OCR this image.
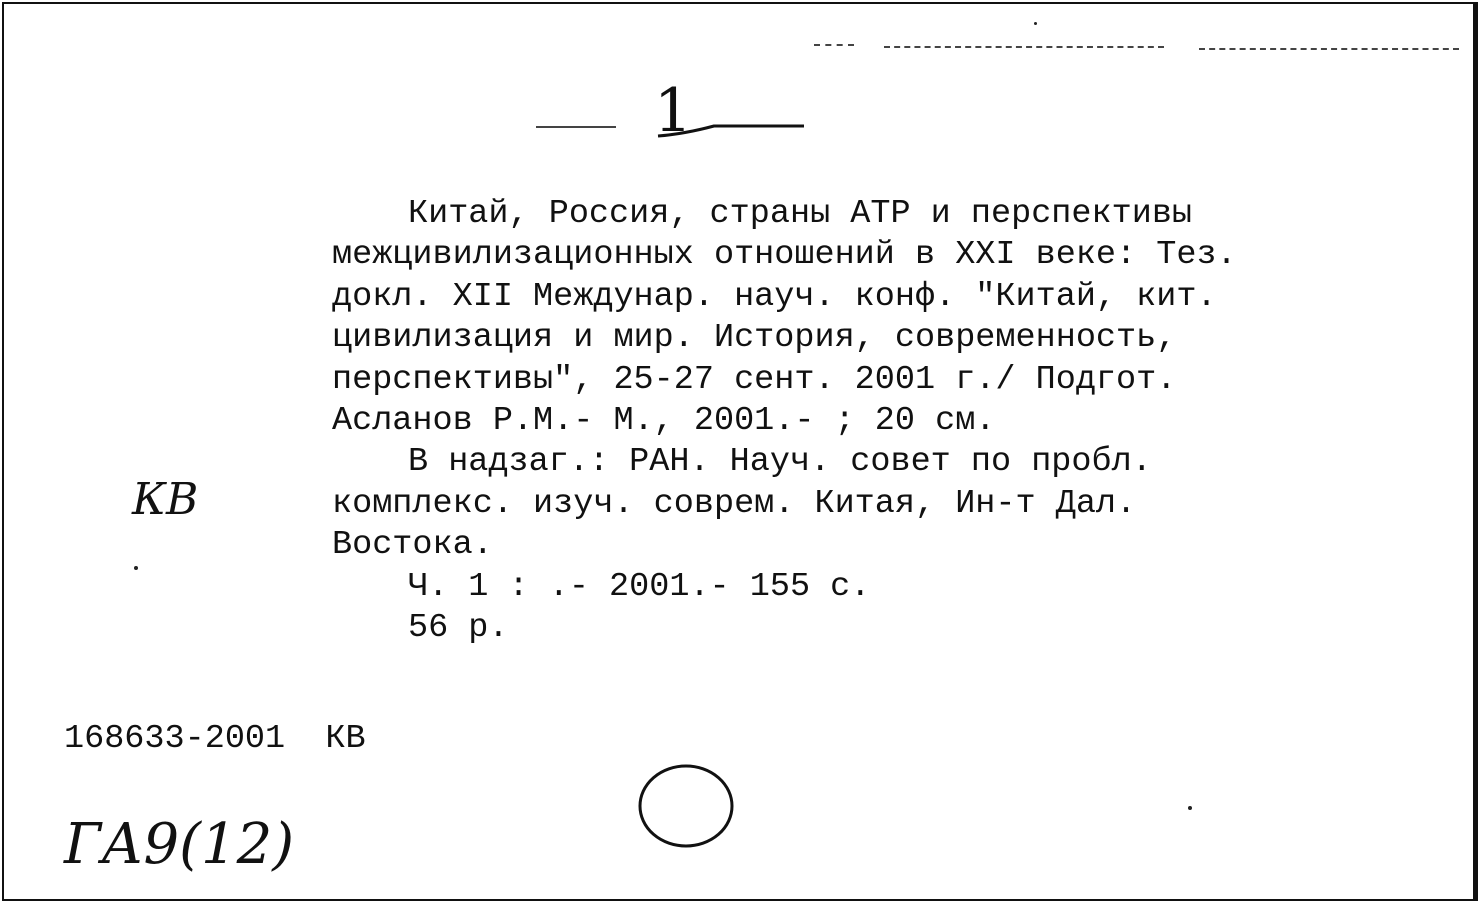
1
Китай, Россия, страны АТР и перспективы
межцивилизационных отношений в XXI веке: Тез.
докл. XII Междунар. науч. конф. "Китай, кит.
цивилизация и мир. История, современность,
перспективы", 25-27 сент. 2001 г./ Подгот.
Асланов Р.М.- М., 2001.- ; 20 см.
В надзаг.: РАН. Науч. совет по пробл.
комплекс. изуч. соврем. Китая, Ин-т Дал.
Востока.
Ч. 1 : .- 2001.- 155 с.
56 р.
КВ
168633-2001  КВ
ГА9(12)
